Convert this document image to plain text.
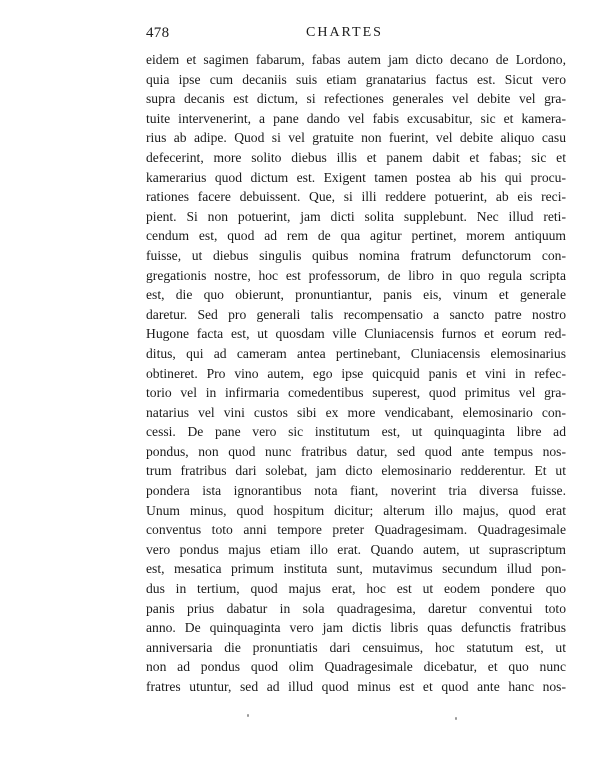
478	CHARTES
eidem et sagimen fabarum, fabas autem jam dicto decano de Lordono,
quia ipse cum decaniis suis etiam granatarius factus est. Sicut vero
supra decanis est dictum, si refectiones generales vel debite vel gra-
tuite intervenerint, a pane dando vel fabis excusabitur, sic et kamera-
rius ab adipe. Quod si vel gratuite non fuerint, vel debite aliquo casu
defecerint, more solito diebus illis et panem dabit et fabas; sic et
kamerarius quod dictum est. Exigent tamen postea ab his qui procu-
rationes facere debuissent. Que, si illi reddere potuerint, ab eis reci-
pient. Si non potuerint, jam dicti solita supplebunt. Nec illud reti-
cendum est, quod ad rem de qua agitur pertinet, morem antiquum
fuisse, ut diebus singulis quibus nomina fratrum defunctorum con-
gregationis nostre, hoc est professorum, de libro in quo regula scripta
est, die quo obierunt, pronuntiantur, panis eis, vinum et generale
daretur. Sed pro generali talis recompensatio a sancto patre nostro
Hugone facta est, ut quosdam ville Cluniacensis furnos et eorum red-
ditus, qui ad cameram antea pertinebant, Cluniacensis elemosinarius
obtineret. Pro vino autem, ego ipse quicquid panis et vini in refec-
torio vel in infirmaria comedentibus superest, quod primitus vel gra-
natarius vel vini custos sibi ex more vendicabant, elemosinario con-
cessi. De pane vero sic institutum est, ut quinquaginta libre ad
pondus, non quod nunc fratribus datur, sed quod ante tempus nos-
trum fratribus dari solebat, jam dicto elemosinario redderentur. Et ut
pondera ista ignorantibus nota fiant, noverint tria diversa fuisse.
Unum minus, quod hospitum dicitur; alterum illo majus, quod erat
conventus toto anni tempore preter Quadragesimam. Quadragesimale
vero pondus majus etiam illo erat. Quando autem, ut suprascriptum
est, mesatica primum instituta sunt, mutavimus secundum illud pon-
dus in tertium, quod majus erat, hoc est ut eodem pondere quo
panis prius dabatur in sola quadragesima, daretur conventui toto
anno. De quinquaginta vero jam dictis libris quas defunctis fratribus
anniversaria die pronuntiatis dari censuimus, hoc statutum est, ut
non ad pondus quod olim Quadragesimale dicebatur, et quo nunc
fratres utuntur, sed ad illud quod minus est et quod ante hanc nos-
